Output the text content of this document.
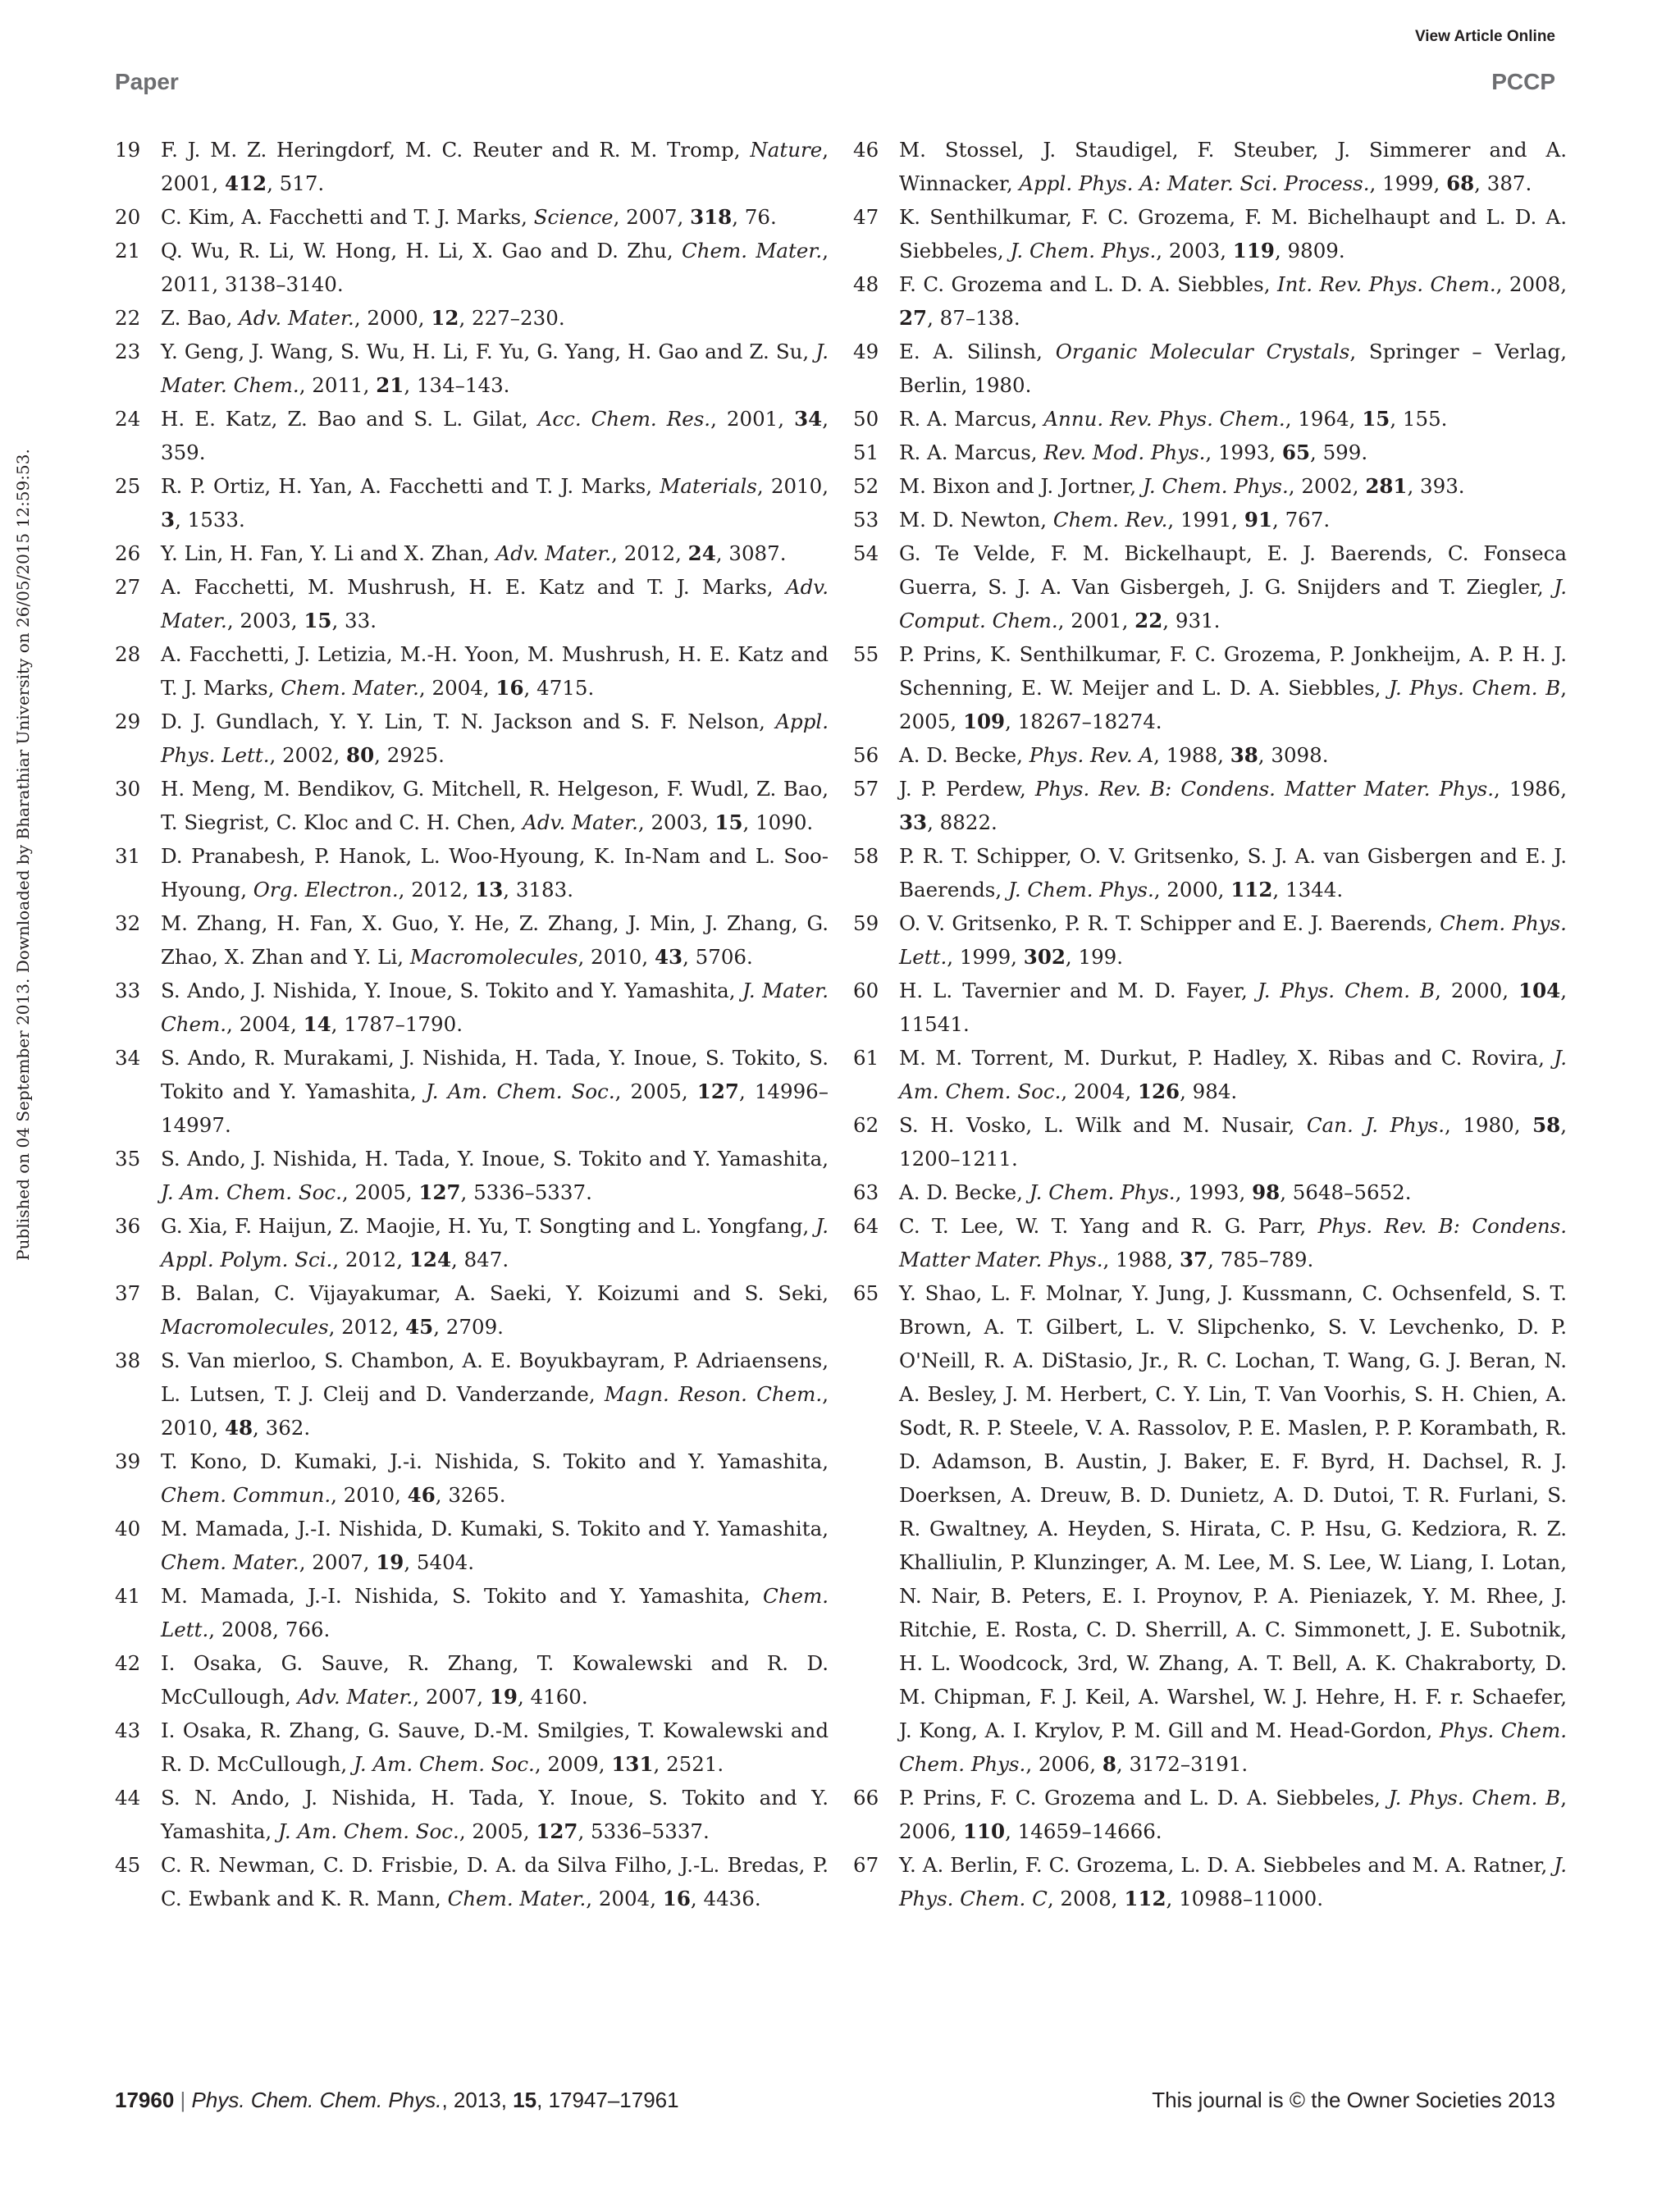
View Article Online
Paper	PCCP
Published on 04 September 2013. Downloaded by Bharathiar University on 26/05/2015 12:59:53.
19	F. J. M. Z. Heringdorf, M. C. Reuter and R. M. Tromp, Nature, 2001, 412, 517.
20	C. Kim, A. Facchetti and T. J. Marks, Science, 2007, 318, 76.
21	Q. Wu, R. Li, W. Hong, H. Li, X. Gao and D. Zhu, Chem. Mater., 2011, 3138–3140.
22	Z. Bao, Adv. Mater., 2000, 12, 227–230.
23	Y. Geng, J. Wang, S. Wu, H. Li, F. Yu, G. Yang, H. Gao and Z. Su, J. Mater. Chem., 2011, 21, 134–143.
24	H. E. Katz, Z. Bao and S. L. Gilat, Acc. Chem. Res., 2001, 34, 359.
25	R. P. Ortiz, H. Yan, A. Facchetti and T. J. Marks, Materials, 2010, 3, 1533.
26	Y. Lin, H. Fan, Y. Li and X. Zhan, Adv. Mater., 2012, 24, 3087.
27	A. Facchetti, M. Mushrush, H. E. Katz and T. J. Marks, Adv. Mater., 2003, 15, 33.
28	A. Facchetti, J. Letizia, M.-H. Yoon, M. Mushrush, H. E. Katz and T. J. Marks, Chem. Mater., 2004, 16, 4715.
29	D. J. Gundlach, Y. Y. Lin, T. N. Jackson and S. F. Nelson, Appl. Phys. Lett., 2002, 80, 2925.
30	H. Meng, M. Bendikov, G. Mitchell, R. Helgeson, F. Wudl, Z. Bao, T. Siegrist, C. Kloc and C. H. Chen, Adv. Mater., 2003, 15, 1090.
31	D. Pranabesh, P. Hanok, L. Woo-Hyoung, K. In-Nam and L. Soo-Hyoung, Org. Electron., 2012, 13, 3183.
32	M. Zhang, H. Fan, X. Guo, Y. He, Z. Zhang, J. Min, J. Zhang, G. Zhao, X. Zhan and Y. Li, Macromolecules, 2010, 43, 5706.
33	S. Ando, J. Nishida, Y. Inoue, S. Tokito and Y. Yamashita, J. Mater. Chem., 2004, 14, 1787–1790.
34	S. Ando, R. Murakami, J. Nishida, H. Tada, Y. Inoue, S. Tokito, S. Tokito and Y. Yamashita, J. Am. Chem. Soc., 2005, 127, 14996–14997.
35	S. Ando, J. Nishida, H. Tada, Y. Inoue, S. Tokito and Y. Yamashita, J. Am. Chem. Soc., 2005, 127, 5336–5337.
36	G. Xia, F. Haijun, Z. Maojie, H. Yu, T. Songting and L. Yongfang, J. Appl. Polym. Sci., 2012, 124, 847.
37	B. Balan, C. Vijayakumar, A. Saeki, Y. Koizumi and S. Seki, Macromolecules, 2012, 45, 2709.
38	S. Van mierloo, S. Chambon, A. E. Boyukbayram, P. Adriaensens, L. Lutsen, T. J. Cleij and D. Vanderzande, Magn. Reson. Chem., 2010, 48, 362.
39	T. Kono, D. Kumaki, J.-i. Nishida, S. Tokito and Y. Yamashita, Chem. Commun., 2010, 46, 3265.
40	M. Mamada, J.-I. Nishida, D. Kumaki, S. Tokito and Y. Yamashita, Chem. Mater., 2007, 19, 5404.
41	M. Mamada, J.-I. Nishida, S. Tokito and Y. Yamashita, Chem. Lett., 2008, 766.
42	I. Osaka, G. Sauve, R. Zhang, T. Kowalewski and R. D. McCullough, Adv. Mater., 2007, 19, 4160.
43	I. Osaka, R. Zhang, G. Sauve, D.-M. Smilgies, T. Kowalewski and R. D. McCullough, J. Am. Chem. Soc., 2009, 131, 2521.
44	S. N. Ando, J. Nishida, H. Tada, Y. Inoue, S. Tokito and Y. Yamashita, J. Am. Chem. Soc., 2005, 127, 5336–5337.
45	C. R. Newman, C. D. Frisbie, D. A. da Silva Filho, J.-L. Bredas, P. C. Ewbank and K. R. Mann, Chem. Mater., 2004, 16, 4436.
46	M. Stossel, J. Staudigel, F. Steuber, J. Simmerer and A. Winnacker, Appl. Phys. A: Mater. Sci. Process., 1999, 68, 387.
47	K. Senthilkumar, F. C. Grozema, F. M. Bichelhaupt and L. D. A. Siebbeles, J. Chem. Phys., 2003, 119, 9809.
48	F. C. Grozema and L. D. A. Siebbles, Int. Rev. Phys. Chem., 2008, 27, 87–138.
49	E. A. Silinsh, Organic Molecular Crystals, Springer – Verlag, Berlin, 1980.
50	R. A. Marcus, Annu. Rev. Phys. Chem., 1964, 15, 155.
51	R. A. Marcus, Rev. Mod. Phys., 1993, 65, 599.
52	M. Bixon and J. Jortner, J. Chem. Phys., 2002, 281, 393.
53	M. D. Newton, Chem. Rev., 1991, 91, 767.
54	G. Te Velde, F. M. Bickelhaupt, E. J. Baerends, C. Fonseca Guerra, S. J. A. Van Gisbergeh, J. G. Snijders and T. Ziegler, J. Comput. Chem., 2001, 22, 931.
55	P. Prins, K. Senthilkumar, F. C. Grozema, P. Jonkheijm, A. P. H. J. Schenning, E. W. Meijer and L. D. A. Siebbles, J. Phys. Chem. B, 2005, 109, 18267–18274.
56	A. D. Becke, Phys. Rev. A, 1988, 38, 3098.
57	J. P. Perdew, Phys. Rev. B: Condens. Matter Mater. Phys., 1986, 33, 8822.
58	P. R. T. Schipper, O. V. Gritsenko, S. J. A. van Gisbergen and E. J. Baerends, J. Chem. Phys., 2000, 112, 1344.
59	O. V. Gritsenko, P. R. T. Schipper and E. J. Baerends, Chem. Phys. Lett., 1999, 302, 199.
60	H. L. Tavernier and M. D. Fayer, J. Phys. Chem. B, 2000, 104, 11541.
61	M. M. Torrent, M. Durkut, P. Hadley, X. Ribas and C. Rovira, J. Am. Chem. Soc., 2004, 126, 984.
62	S. H. Vosko, L. Wilk and M. Nusair, Can. J. Phys., 1980, 58, 1200–1211.
63	A. D. Becke, J. Chem. Phys., 1993, 98, 5648–5652.
64	C. T. Lee, W. T. Yang and R. G. Parr, Phys. Rev. B: Condens. Matter Mater. Phys., 1988, 37, 785–789.
65	Y. Shao, L. F. Molnar, Y. Jung, J. Kussmann, C. Ochsenfeld, S. T. Brown, A. T. Gilbert, L. V. Slipchenko, S. V. Levchenko, D. P. O'Neill, R. A. DiStasio, Jr., R. C. Lochan, T. Wang, G. J. Beran, N. A. Besley, J. M. Herbert, C. Y. Lin, T. Van Voorhis, S. H. Chien, A. Sodt, R. P. Steele, V. A. Rassolov, P. E. Maslen, P. P. Korambath, R. D. Adamson, B. Austin, J. Baker, E. F. Byrd, H. Dachsel, R. J. Doerksen, A. Dreuw, B. D. Dunietz, A. D. Dutoi, T. R. Furlani, S. R. Gwaltney, A. Heyden, S. Hirata, C. P. Hsu, G. Kedziora, R. Z. Khalliulin, P. Klunzinger, A. M. Lee, M. S. Lee, W. Liang, I. Lotan, N. Nair, B. Peters, E. I. Proynov, P. A. Pieniazek, Y. M. Rhee, J. Ritchie, E. Rosta, C. D. Sherrill, A. C. Simmonett, J. E. Subotnik, H. L. Woodcock, 3rd, W. Zhang, A. T. Bell, A. K. Chakraborty, D. M. Chipman, F. J. Keil, A. Warshel, W. J. Hehre, H. F. r. Schaefer, J. Kong, A. I. Krylov, P. M. Gill and M. Head-Gordon, Phys. Chem. Chem. Phys., 2006, 8, 3172–3191.
66	P. Prins, F. C. Grozema and L. D. A. Siebbeles, J. Phys. Chem. B, 2006, 110, 14659–14666.
67	Y. A. Berlin, F. C. Grozema, L. D. A. Siebbeles and M. A. Ratner, J. Phys. Chem. C, 2008, 112, 10988–11000.
17960 | Phys. Chem. Chem. Phys., 2013, 15, 17947–17961	This journal is © the Owner Societies 2013
